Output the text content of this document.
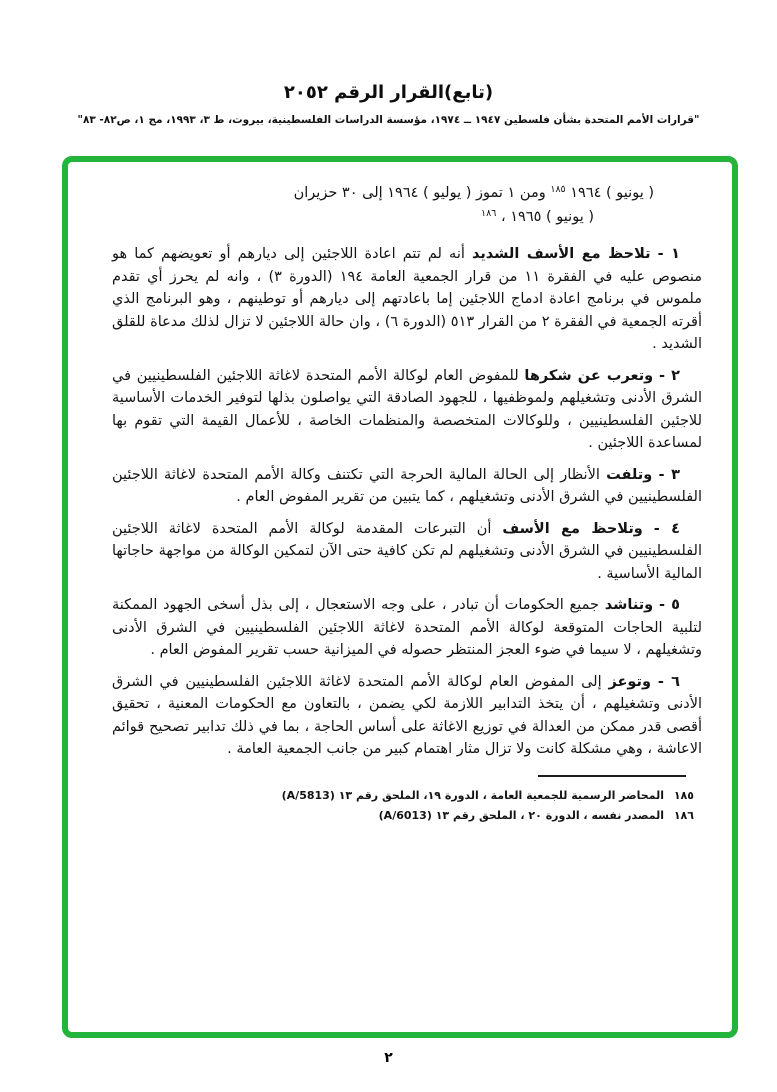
(تابع)القرار الرقم ٢٠٥٢
"قرارات الأمم المتحدة بشأن فلسطين ١٩٤٧ ــ ١٩٧٤، مؤسسة الدراسات الفلسطينية، بيروت، ط ٣، ١٩٩٣، مج ١، ص٨٢- ٨٣"
( يونيو ) ١٩٦٤ $^{١٨٥}$ ومن ١ تموز ( يوليو ) ١٩٦٤ إلى ٣٠ حزيران
( يونيو ) ١٩٦٥ ، $^{١٨٦}$

١ - تلاحظ مع الأسف الشديد أنه لم تتم اعادة اللاجئين إلى ديارهم أو تعويضهم كما هو منصوص عليه في الفقرة ١١ من قرار الجمعية العامة ١٩٤ (الدورة ٣) ، وانه لم يحرز أي تقدم ملموس في برنامج اعادة ادماج اللاجئين إما باعادتهم إلى ديارهم أو توطينهم ، وهو البرنامج الذي أقرته الجمعية في الفقرة ٢ من القرار ٥١٣ (الدورة ٦) ، وان حالة اللاجئين لا تزال لذلك مدعاة للقلق الشديد .

٢ - وتعرب عن شكرها للمفوض العام لوكالة الأمم المتحدة لاغاثة اللاجئين الفلسطينيين في الشرق الأدنى وتشغيلهم ولموظفيها ، للجهود الصادقة التي يواصلون بذلها لتوفير الخدمات الأساسية للاجئين الفلسطينيين ، وللوكالات المتخصصة والمنظمات الخاصة ، للأعمال القيمة التي تقوم بها لمساعدة اللاجئين .

٣ - وتلفت الأنظار إلى الحالة المالية الحرجة التي تكتنف وكالة الأمم المتحدة لاغاثة اللاجئين الفلسطينيين في الشرق الأدنى وتشغيلهم ، كما يتبين من تقرير المفوض العام .

٤ - وتلاحظ مع الأسف أن التبرعات المقدمة لوكالة الأمم المتحدة لاغاثة اللاجئين الفلسطينيين في الشرق الأدنى وتشغيلهم لم تكن كافية حتى الآن لتمكين الوكالة من مواجهة حاجاتها المالية الأساسية .

٥ - وتناشد جميع الحكومات أن تبادر ، على وجه الاستعجال ، إلى بذل أسخى الجهود الممكنة لتلبية الحاجات المتوقعة لوكالة الأمم المتحدة لاغاثة اللاجئين الفلسطينيين في الشرق الأدنى وتشغيلهم ، لا سيما في ضوء العجز المنتظر حصوله في الميزانية حسب تقرير المفوض العام .

٦ - وتوعز إلى المفوض العام لوكالة الأمم المتحدة لاغاثة اللاجئين الفلسطينيين في الشرق الأدنى وتشغيلهم ، أن يتخذ التدابير اللازمة لكي يضمن ، بالتعاون مع الحكومات المعنية ، تحقيق أقصى قدر ممكن من العدالة في توزيع الاغاثة على أساس الحاجة ، بما في ذلك تدابير تصحيح قوائم الاعاشة ، وهي مشكلة كانت ولا تزال مثار اهتمام كبير من جانب الجمعية العامة .

١٨٥ المحاضر الرسمية للجمعية العامة ، الدورة ١٩، الملحق رقم ١٣ (A/5813)
١٨٦ المصدر نفسه ، الدورة ٢٠ ، الملحق رقم ١٣ (A/6013)
٢
